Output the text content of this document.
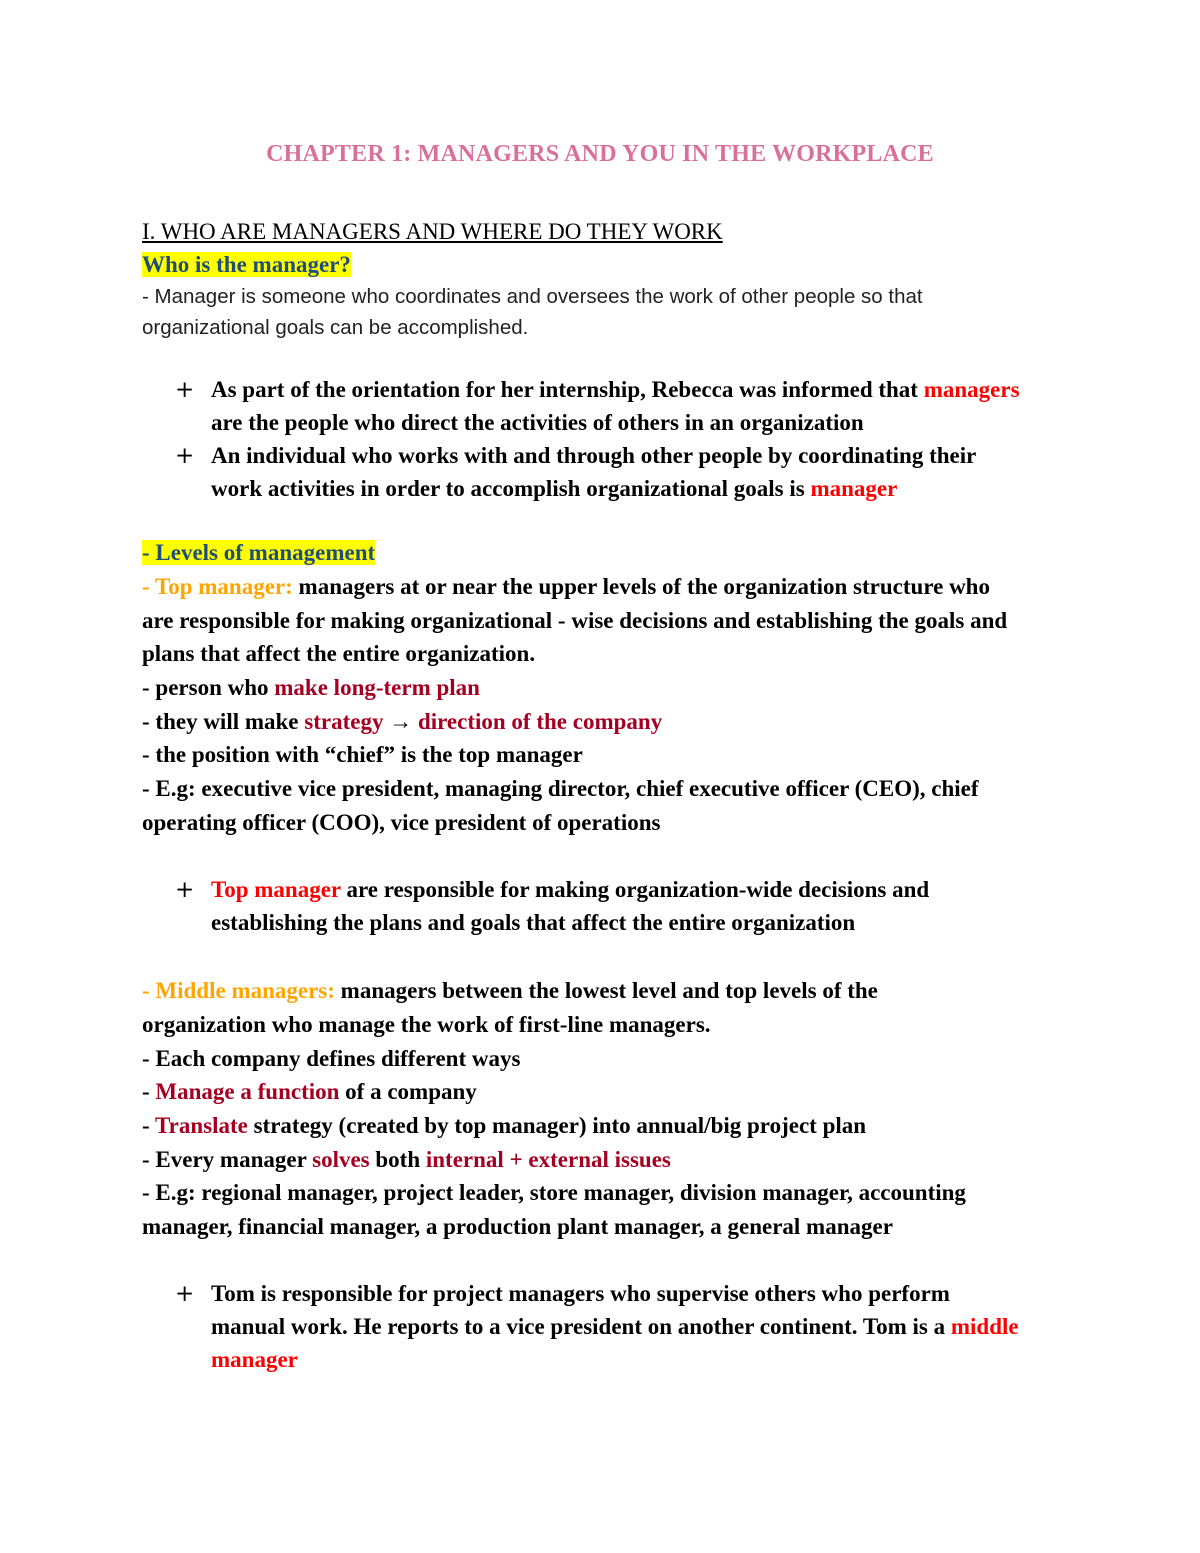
CHAPTER 1: MANAGERS AND YOU IN THE WORKPLACE
I. WHO ARE MANAGERS AND WHERE DO THEY WORK
Who is the manager?
- Manager is someone who coordinates and oversees the work of other people so that
organizational goals can be accomplished.
+ As part of the orientation for her internship, Rebecca was informed that managers
are the people who direct the activities of others in an organization
+ An individual who works with and through other people by coordinating their
work activities in order to accomplish organizational goals is manager
- Levels of management
- Top manager: managers at or near the upper levels of the organization structure who
are responsible for making organizational - wise decisions and establishing the goals and
plans that affect the entire organization.
- person who make long-term plan
- they will make strategy → direction of the company
- the position with “chief” is the top manager
- E.g: executive vice president, managing director, chief executive officer (CEO), chief
operating officer (COO), vice president of operations
+ Top manager are responsible for making organization-wide decisions and
establishing the plans and goals that affect the entire organization
- Middle managers: managers between the lowest level and top levels of the
organization who manage the work of first-line managers.
- Each company defines different ways
- Manage a function of a company
- Translate strategy (created by top manager) into annual/big project plan
- Every manager solves both internal + external issues
- E.g: regional manager, project leader, store manager, division manager, accounting
manager, financial manager, a production plant manager, a general manager
+ Tom is responsible for project managers who supervise others who perform
manual work. He reports to a vice president on another continent. Tom is a middle
manager
